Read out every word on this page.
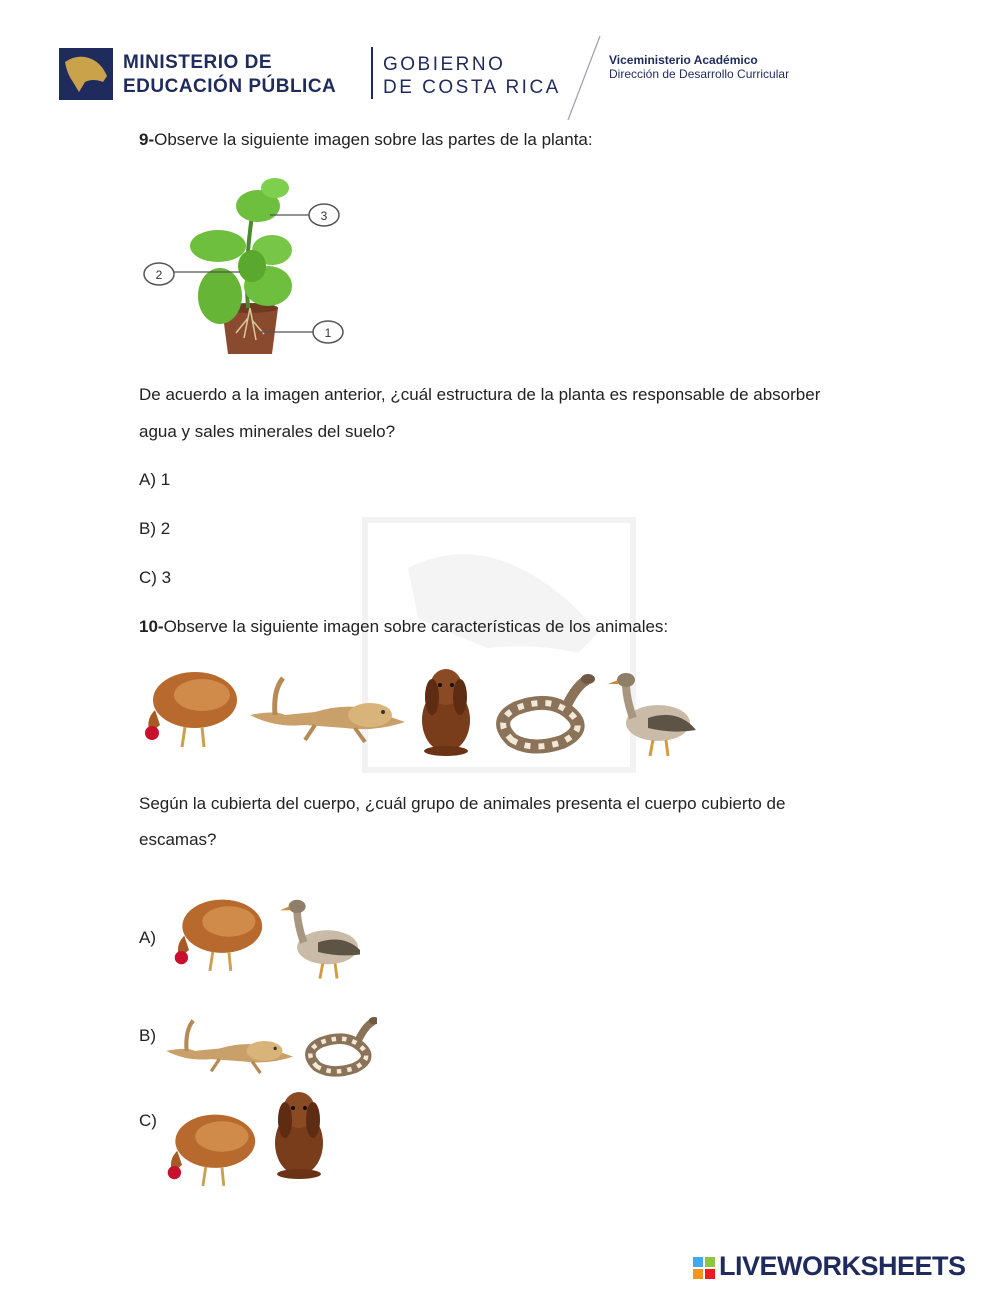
MINISTERIO DE
EDUCACIÓN PÚBLICA
GOBIERNO
DE COSTA RICA
Viceministerio Académico
Dirección de Desarrollo Curricular
9-Observe la siguiente imagen sobre las partes de la planta:
3
2
1
De acuerdo a la imagen anterior, ¿cuál estructura de la planta es responsable de absorber
agua y sales minerales del suelo?
A) 1
B) 2
C) 3
10-Observe la siguiente imagen sobre características de los animales:
Según la cubierta del cuerpo, ¿cuál grupo de animales presenta el cuerpo cubierto de
escamas?
A)
B)
C)
LIVEWORKSHEETS
